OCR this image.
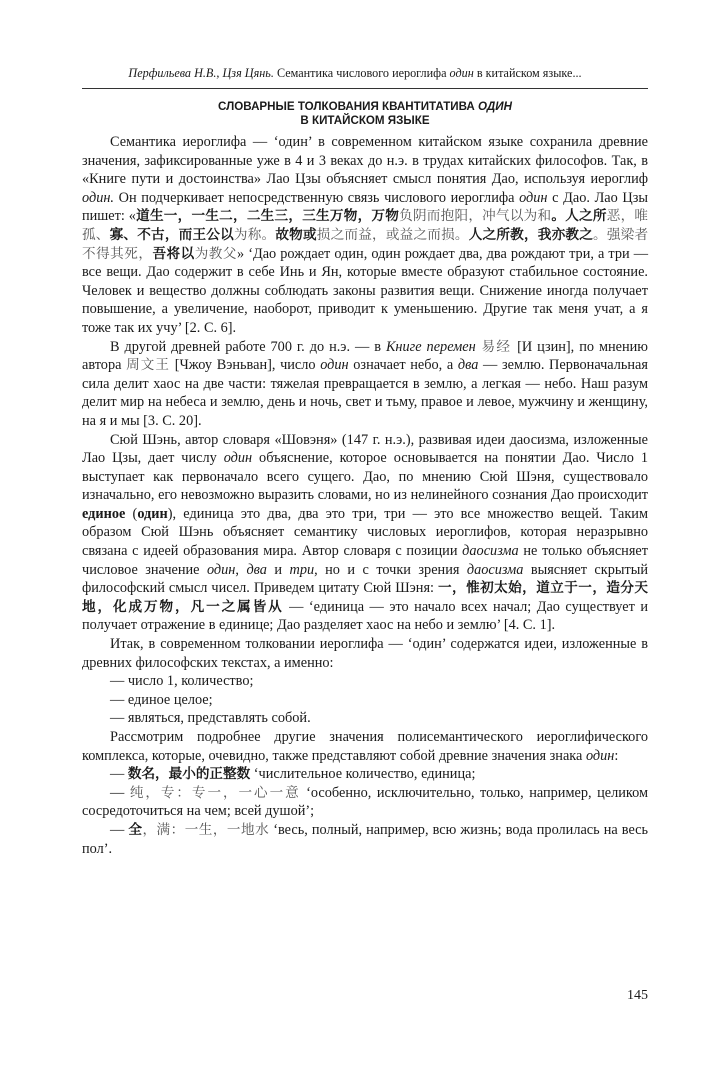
Перфильева Н.В., Цзя Цянь. Семантика числового иероглифа один в китайском языке...
СЛОВАРНЫЕ ТОЛКОВАНИЯ КВАНТИТАТИВА ОДИН
В КИТАЙСКОМ ЯЗЫКЕ

Семантика иероглифа — ‘один’ в современном китайском языке сохранила древние значения, зафиксированные уже в 4 и 3 веках до н.э. в трудах китайских философов. Так, в «Книге пути и достоинства» Лао Цзы объясняет смысл понятия Дао, используя иероглиф один. Он подчеркивает непосредственную связь числового иероглифа один с Дао. Лао Цзы пишет: «道生一，一生二，二生三，三生万物，万物负阴而抱阳，冲气以为和。人之所恶，唯孤、寡、不古，而王公以为称。故物或损之而益，或益之而损。人之所教，我亦教之。强梁者不得其死，吾将以为教父» ‘Дао рождает один, один рождает два, два рождают три, а три — все вещи. Дао содержит в себе Инь и Ян, которые вместе образуют стабильное состояние. Человек и вещество должны соблюдать законы развития вещи. Снижение иногда получает повышение, а увеличение, наоборот, приводит к уменьшению. Другие так меня учат, а я тоже так их учу’ [2. С. 6].

В другой древней работе 700 г. до н.э. — в Книге перемен 易经 [И цзин], по мнению автора 周文王 [Чжоу Вэньван], число один означает небо, а два — землю. Первоначальная сила делит хаос на две части: тяжелая превращается в землю, а легкая — небо. Наш разум делит мир на небеса и землю, день и ночь, свет и тьму, правое и левое, мужчину и женщину, на я и мы [3. С. 20].

Сюй Шэнь, автор словаря «Шовэня» (147 г. н.э.), развивая идеи даосизма, изложенные Лао Цзы, дает числу один объяснение, которое основывается на понятии Дао. Число 1 выступает как первоначало всего сущего. Дао, по мнению Сюй Шэня, существовало изначально, его невозможно выразить словами, но из нелинейного сознания Дао происходит единое (один), единица это два, два это три, три — это все множество вещей. Таким образом Сюй Шэнь объясняет семантику числовых иероглифов, которая неразрывно связана с идеей образования мира. Автор словаря с позиции даосизма не только объясняет числовое значение один, два и три, но и с точки зрения даосизма выясняет скрытый философский смысл чисел. Приведем цитату Сюй Шэня: 一，惟初太始，道立于一，造分天地，化成万物，凡一之属皆从 — ‘единица — это начало всех начал; Дао существует и получает отражение в единице; Дао разделяет хаос на небо и землю’ [4. С. 1].

Итак, в современном толковании иероглифа — ‘один’ содержатся идеи, изложенные в древних философских текстах, а именно:

— число 1, количество;

— единое целое;

— являться, представлять собой.

Рассмотрим подробнее другие значения полисемантического иероглифического комплекса, которые, очевидно, также представляют собой древние значения знака один:

— 数名，最小的正整数 ‘числительное количество, единица;

— 纯，专：专一，一心一意 ‘особенно, исключительно, только, например, целиком сосредоточиться на чем; всей душой’;

— 全，满：一生，一地水 ‘весь, полный, например, всю жизнь; вода пролилась на весь пол’.

145
